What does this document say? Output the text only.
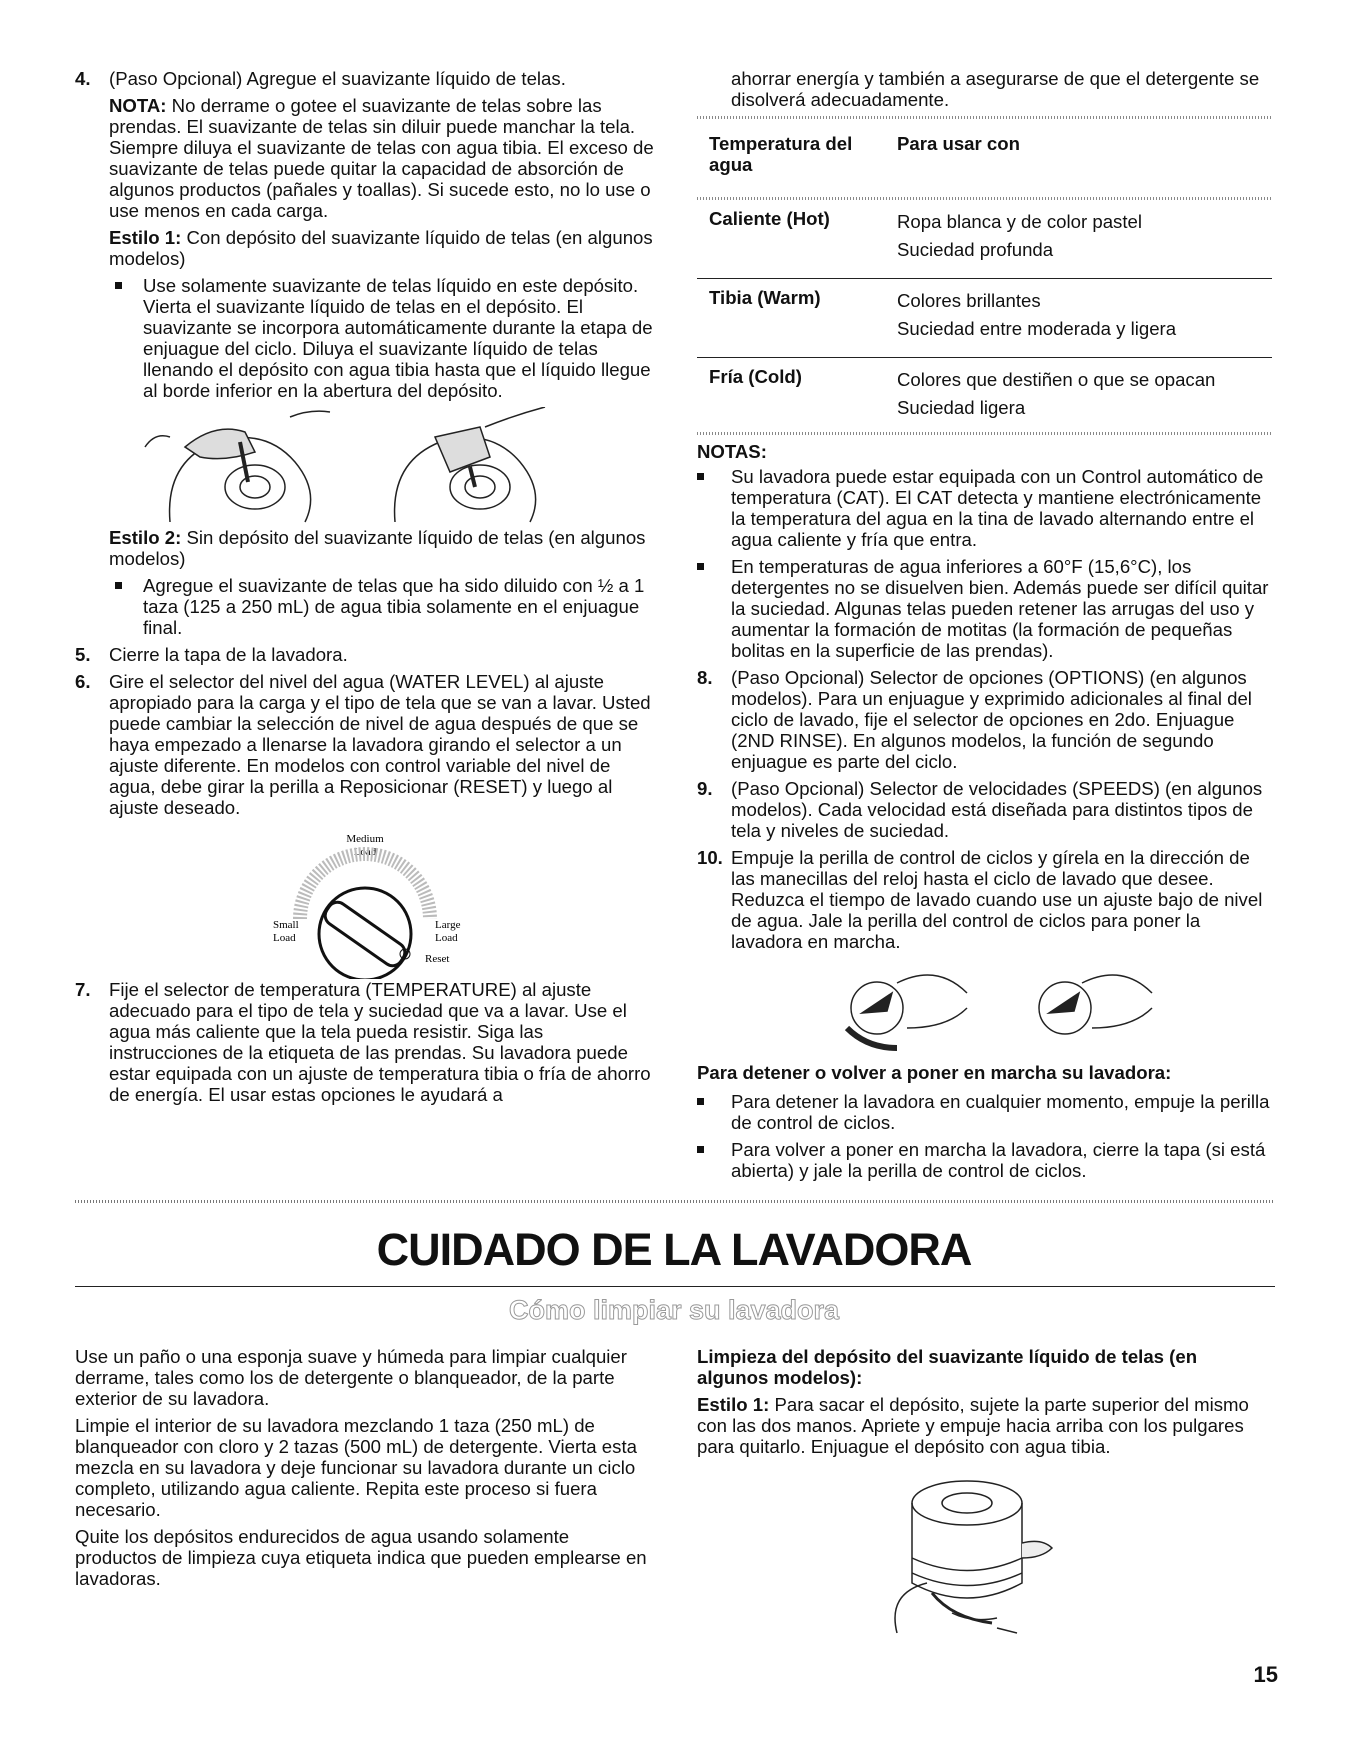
4. (Paso Opcional) Agregue el suavizante líquido de telas.

NOTA: No derrame o gotee el suavizante de telas sobre las prendas. El suavizante de telas sin diluir puede manchar la tela. Siempre diluya el suavizante de telas con agua tibia. El exceso de suavizante de telas puede quitar la capacidad de absorción de algunos productos (pañales y toallas). Si sucede esto, no lo use o use menos en cada carga.

Estilo 1: Con depósito del suavizante líquido de telas (en algunos modelos)

Use solamente suavizante de telas líquido en este depósito. Vierta el suavizante líquido de telas en el depósito. El suavizante se incorpora automáticamente durante la etapa de enjuague del ciclo. Diluya el suavizante líquido de telas llenando el depósito con agua tibia hasta que el líquido llegue al borde inferior en la abertura del depósito.

Estilo 2: Sin depósito del suavizante líquido de telas (en algunos modelos)

Agregue el suavizante de telas que ha sido diluido con ½ a 1 taza (125 a 250 mL) de agua tibia solamente en el enjuague final.
5. Cierre la tapa de la lavadora.
6. Gire el selector del nivel del agua (WATER LEVEL) al ajuste apropiado para la carga y el tipo de tela que se van a lavar. Usted puede cambiar la selección de nivel de agua después de que se haya empezado a llenarse la lavadora girando el selector a un ajuste diferente. En modelos con control variable del nivel de agua, debe girar la perilla a Reposicionar (RESET) y luego al ajuste deseado.
Medium
Load
Small
Load
Large
Load
Reset
7. Fije el selector de temperatura (TEMPERATURE) al ajuste adecuado para el tipo de tela y suciedad que va a lavar. Use el agua más caliente que la tela pueda resistir. Siga las instrucciones de la etiqueta de las prendas. Su lavadora puede estar equipada con un ajuste de temperatura tibia o fría de ahorro de energía. El usar estas opciones le ayudará a

ahorrar energía y también a asegurarse de que el detergente se disolverá adecuadamente.

Temperatura del agua	Para usar con

Caliente (Hot)	Ropa blanca y de color pastel
Suciedad profunda

Tibia (Warm)	Colores brillantes
Suciedad entre moderada y ligera

Fría (Cold)	Colores que destiñen o que se opacan
Suciedad ligera

NOTAS:

Su lavadora puede estar equipada con un Control automático de temperatura (CAT). El CAT detecta y mantiene electrónicamente la temperatura del agua en la tina de lavado alternando entre el agua caliente y fría que entra.
En temperaturas de agua inferiores a 60°F (15,6°C), los detergentes no se disuelven bien. Además puede ser difícil quitar la suciedad. Algunas telas pueden retener las arrugas del uso y aumentar la formación de motitas (la formación de pequeñas bolitas en la superficie de las prendas).
8. (Paso Opcional) Selector de opciones (OPTIONS) (en algunos modelos). Para un enjuague y exprimido adicionales al final del ciclo de lavado, fije el selector de opciones en 2do. Enjuague (2ND RINSE). En algunos modelos, la función de segundo enjuague es parte del ciclo.
9. (Paso Opcional) Selector de velocidades (SPEEDS) (en algunos modelos). Cada velocidad está diseñada para distintos tipos de tela y niveles de suciedad.
10. Empuje la perilla de control de ciclos y gírela en la dirección de las manecillas del reloj hasta el ciclo de lavado que desee. Reduzca el tiempo de lavado cuando use un ajuste bajo de nivel de agua. Jale la perilla del control de ciclos para poner la lavadora en marcha.

Para detener o volver a poner en marcha su lavadora:

Para detener la lavadora en cualquier momento, empuje la perilla de control de ciclos.
Para volver a poner en marcha la lavadora, cierre la tapa (si está abierta) y jale la perilla de control de ciclos.
CUIDADO DE LA LAVADORA
Cómo limpiar su lavadora

Use un paño o una esponja suave y húmeda para limpiar cualquier derrame, tales como los de detergente o blanqueador, de la parte exterior de su lavadora.

Limpie el interior de su lavadora mezclando 1 taza (250 mL) de blanqueador con cloro y 2 tazas (500 mL) de detergente. Vierta esta mezcla en su lavadora y deje funcionar su lavadora durante un ciclo completo, utilizando agua caliente. Repita este proceso si fuera necesario.

Quite los depósitos endurecidos de agua usando solamente productos de limpieza cuya etiqueta indica que pueden emplearse en lavadoras.

Limpieza del depósito del suavizante líquido de telas (en algunos modelos):

Estilo 1: Para sacar el depósito, sujete la parte superior del mismo con las dos manos. Apriete y empuje hacia arriba con los pulgares para quitarlo. Enjuague el depósito con agua tibia.

15
